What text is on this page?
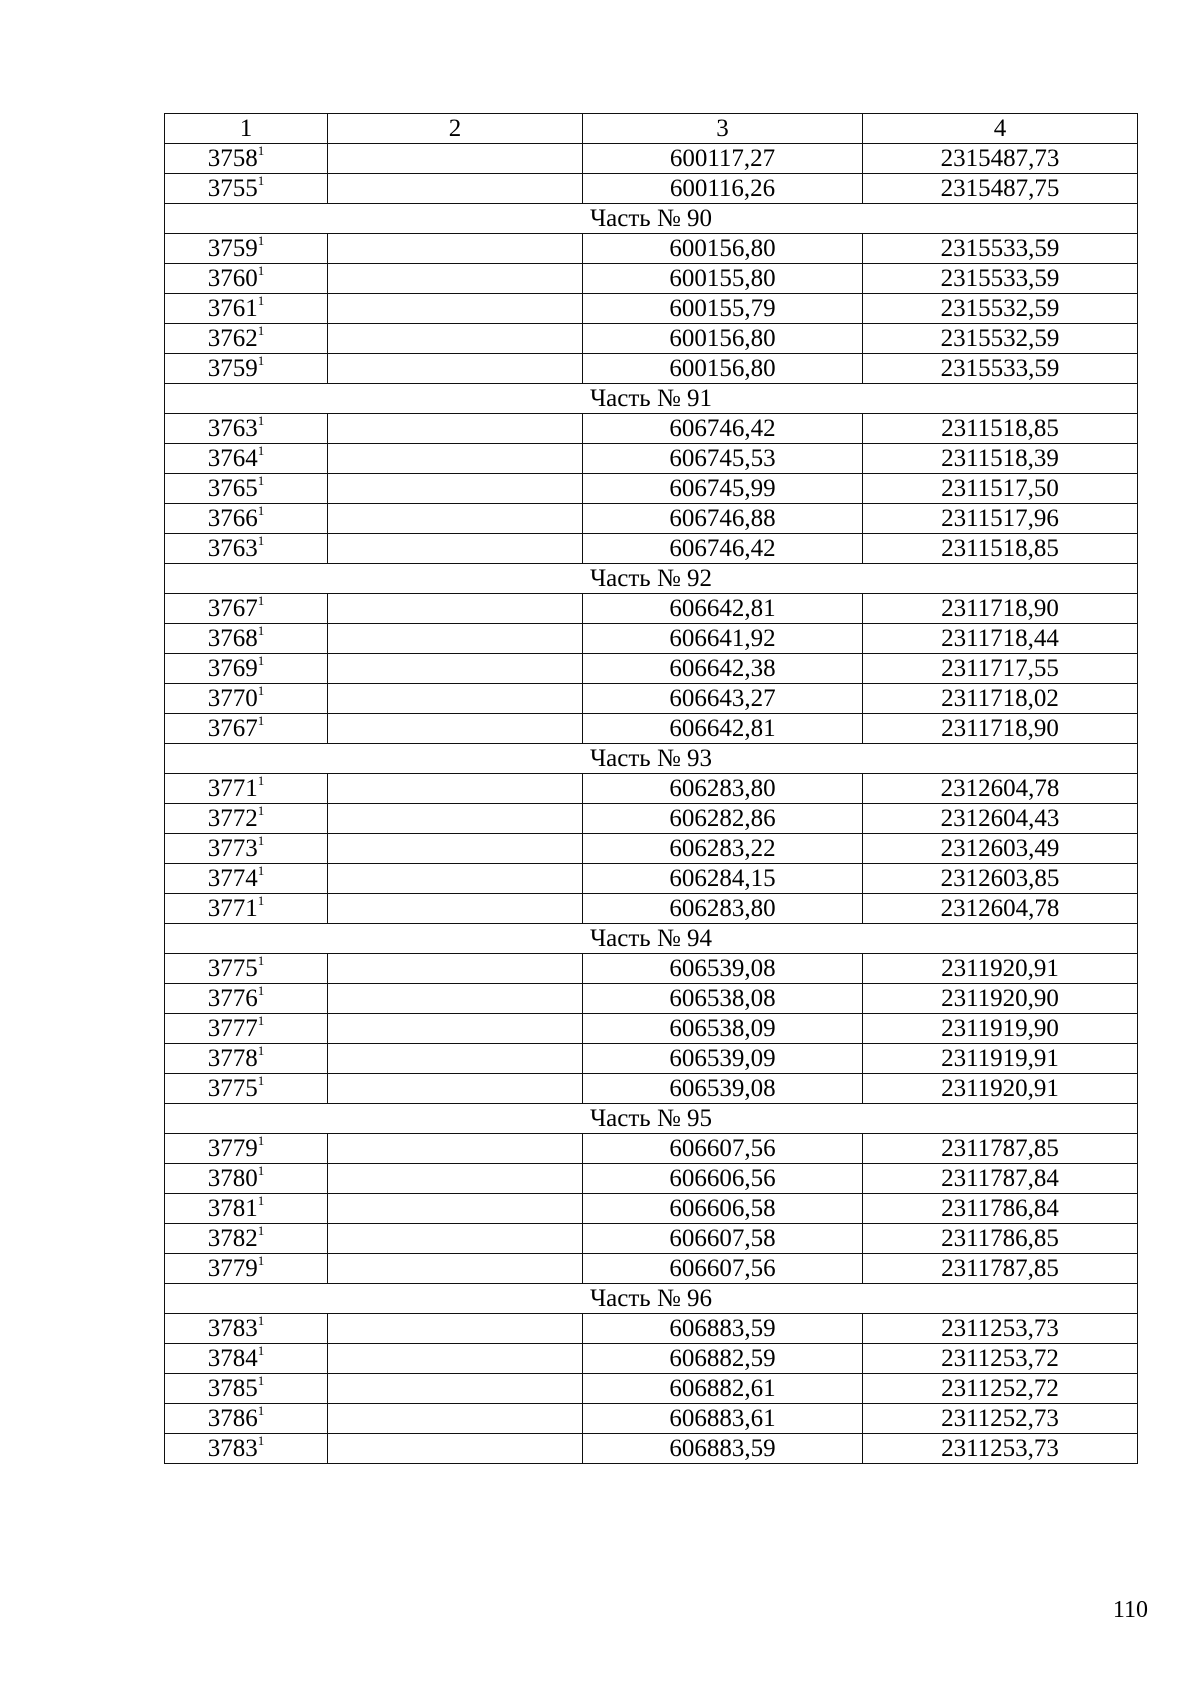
1	2	3	4
3758$^1$		600117,27	2315487,73
3755$^1$		600116,26	2315487,75
Часть № 90			
3759$^1$		600156,80	2315533,59
3760$^1$		600155,80	2315533,59
3761$^1$		600155,79	2315532,59
3762$^1$		600156,80	2315532,59
3759$^1$		600156,80	2315533,59
Часть № 91			
3763$^1$		606746,42	2311518,85
3764$^1$		606745,53	2311518,39
3765$^1$		606745,99	2311517,50
3766$^1$		606746,88	2311517,96
3763$^1$		606746,42	2311518,85
Часть № 92			
3767$^1$		606642,81	2311718,90
3768$^1$		606641,92	2311718,44
3769$^1$		606642,38	2311717,55
3770$^1$		606643,27	2311718,02
3767$^1$		606642,81	2311718,90
Часть № 93			
3771$^1$		606283,80	2312604,78
3772$^1$		606282,86	2312604,43
3773$^1$		606283,22	2312603,49
3774$^1$		606284,15	2312603,85
3771$^1$		606283,80	2312604,78
Часть № 94			
3775$^1$		606539,08	2311920,91
3776$^1$		606538,08	2311920,90
3777$^1$		606538,09	2311919,90
3778$^1$		606539,09	2311919,91
3775$^1$		606539,08	2311920,91
Часть № 95			
3779$^1$		606607,56	2311787,85
3780$^1$		606606,56	2311787,84
3781$^1$		606606,58	2311786,84
3782$^1$		606607,58	2311786,85
3779$^1$		606607,56	2311787,85
Часть № 96			
3783$^1$		606883,59	2311253,73
3784$^1$		606882,59	2311253,72
3785$^1$		606882,61	2311252,72
3786$^1$		606883,61	2311252,73
3783$^1$		606883,59	2311253,73
110
